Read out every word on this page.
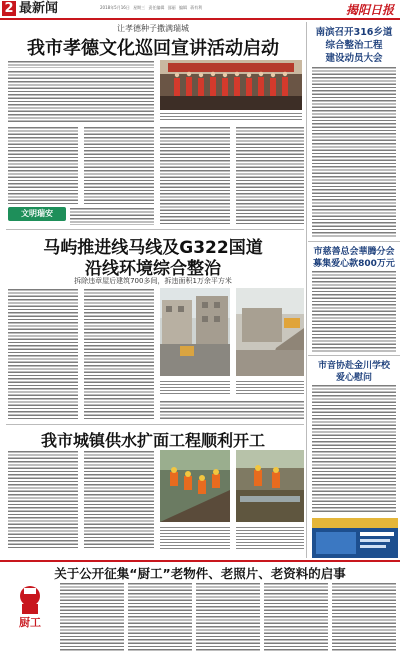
2 最新闻	2018年5月16日 星期三 责任编辑 邵丽 编辑 蒋有利	揭阳日报
让孝德种子撒满瑞城
我市孝德文化巡回宣讲活动启动
文明瑞安
马屿推进线马线及G322国道
沿线环境综合整治
拆除违章屋后建筑700多间，拆违面积1万余平方米
我市城镇供水扩面工程顺利开工
南滨召开316乡道
综合整治工程
建设动员大会
市慈善总会華腾分会
募集爱心款800万元
市音协赴金川学校
爱心慰问
关于公开征集“厨工”老物件、老照片、老资料的启事
厨工
